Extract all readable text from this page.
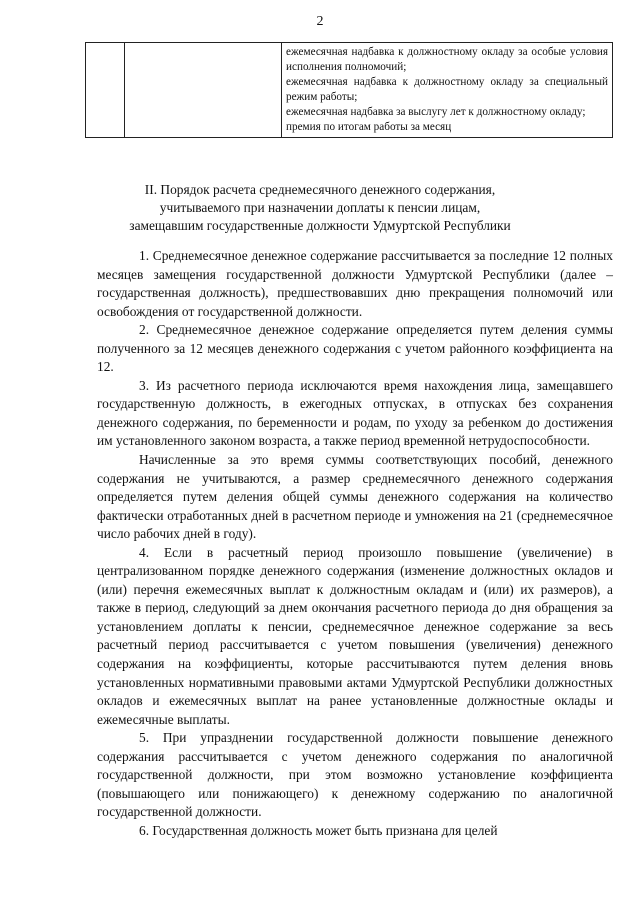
2

ежемесячная надбавка к должностному окладу за особые условия исполнения полномочий;
ежемесячная надбавка к должностному окладу за специальный режим работы;
ежемесячная надбавка за выслугу лет к должностному окладу;
премия по итогам работы за месяц
II. Порядок расчета среднемесячного денежного содержания,
учитываемого при назначении доплаты к пенсии лицам,
замещавшим государственные должности Удмуртской Республики

1. Среднемесячное денежное содержание рассчитывается за последние 12 полных месяцев замещения государственной должности Удмуртской Республики (далее – государственная должность), предшествовавших дню прекращения полномочий или освобождения от государственной должности.

2. Среднемесячное денежное содержание определяется путем деления суммы полученного за 12 месяцев денежного содержания с учетом районного коэффициента на 12.

3. Из расчетного периода исключаются время нахождения лица, замещавшего государственную должность, в ежегодных отпусках, в отпусках без сохранения денежного содержания, по беременности и родам, по уходу за ребенком до достижения им установленного законом возраста, а также период временной нетрудоспособности.

Начисленные за это время суммы соответствующих пособий, денежного содержания не учитываются, а размер среднемесячного денежного содержания определяется путем деления общей суммы денежного содержания на количество фактически отработанных дней в расчетном периоде и умножения на 21 (среднемесячное число рабочих дней в году).

4. Если в расчетный период произошло повышение (увеличение) в централизованном порядке денежного содержания (изменение должностных окладов и (или) перечня ежемесячных выплат к должностным окладам и (или) их размеров), а также в период, следующий за днем окончания расчетного периода до дня обращения за установлением доплаты к пенсии, среднемесячное денежное содержание за весь расчетный период рассчитывается с учетом повышения (увеличения) денежного содержания на коэффициенты, которые рассчитываются путем деления вновь установленных нормативными правовыми актами Удмуртской Республики должностных окладов и ежемесячных выплат на ранее установленные должностные оклады и ежемесячные выплаты.

5. При упразднении государственной должности повышение денежного содержания рассчитывается с учетом денежного содержания по аналогичной государственной должности, при этом возможно установление коэффициента (повышающего или понижающего) к денежному содержанию по аналогичной государственной должности.

6. Государственная должность может быть признана для целей
